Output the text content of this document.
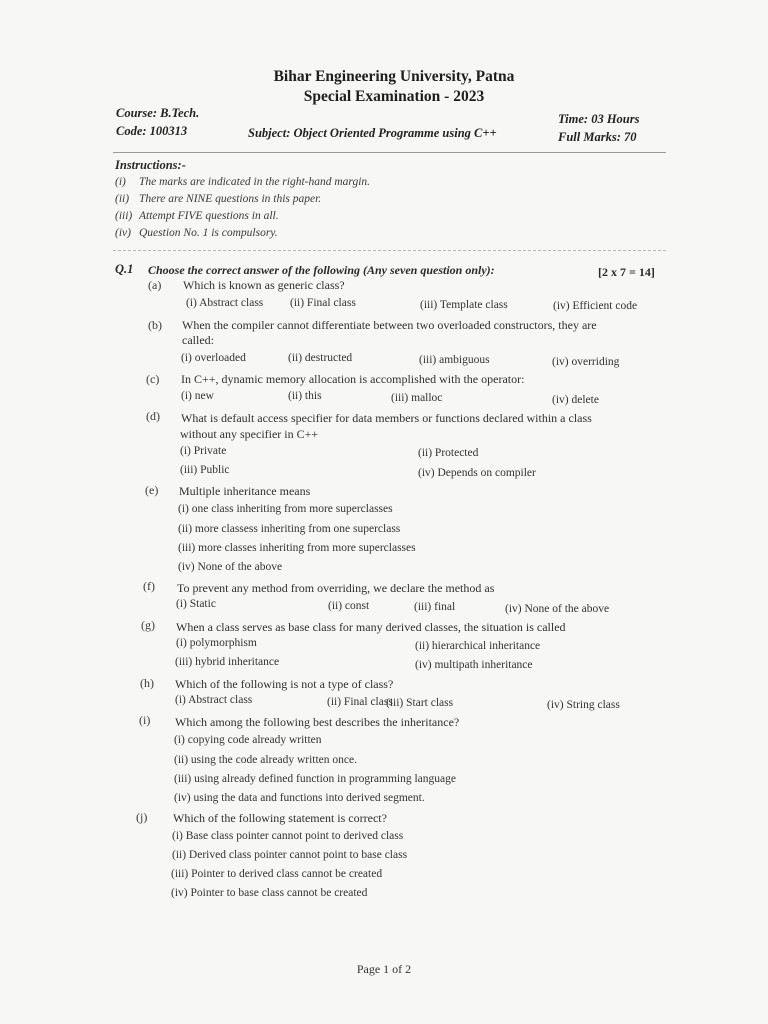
Bihar Engineering University, Patna
Special Examination - 2023
Course: B.Tech.
Code: 100313	Subject: Object Oriented Programme using C++
Time: 03 Hours
Full Marks: 70
Instructions:-
(i) The marks are indicated in the right-hand margin.
(ii) There are NINE questions in this paper.
(iii) Attempt FIVE questions in all.
(iv) Question No. 1 is compulsory.
Q.1 Choose the correct answer of the following (Any seven question only):	[2 x 7 = 14]
(a) Which is known as generic class?
(i) Abstract class (ii) Final class	(iii) Template class	(iv) Efficient code
(b) When the compiler cannot differentiate between two overloaded constructors, they are
called:
(i) overloaded	(ii) destructed	(iii) ambiguous	(iv) overriding
(c) In C++, dynamic memory allocation is accomplished with the operator:
(i) new	(ii) this	(iii) malloc	(iv) delete
(d) What is default access specifier for data members or functions declared within a class
without any specifier in C++
(i) Private	(ii) Protected
(iii) Public	(iv) Depends on compiler
(e) Multiple inheritance means
(i) one class inheriting from more superclasses
(ii) more classess inheriting from one superclass
(iii) more classes inheriting from more superclasses
(iv) None of the above
(f) To prevent any method from overriding, we declare the method as
(i) Static	(ii) const	(iii) final	(iv) None of the above
(g) When a class serves as base class for many derived classes, the situation is called
(i) polymorphism	(ii) hierarchical inheritance
(iii) hybrid inheritance	(iv) multipath inheritance
(h) Which of the following is not a type of class?
(i) Abstract class	(ii) Final class
(iii) Start class	(iv) String class
(i) Which among the following best describes the inheritance?
(i) copying code already written
(ii) using the code already written once.
(iii) using already defined function in programming language
(iv) using the data and functions into derived segment.
(j) Which of the following statement is correct?
(i) Base class pointer cannot point to derived class
(ii) Derived class pointer cannot point to base class
(iii) Pointer to derived class cannot be created
(iv) Pointer to base class cannot be created
Page 1 of 2
